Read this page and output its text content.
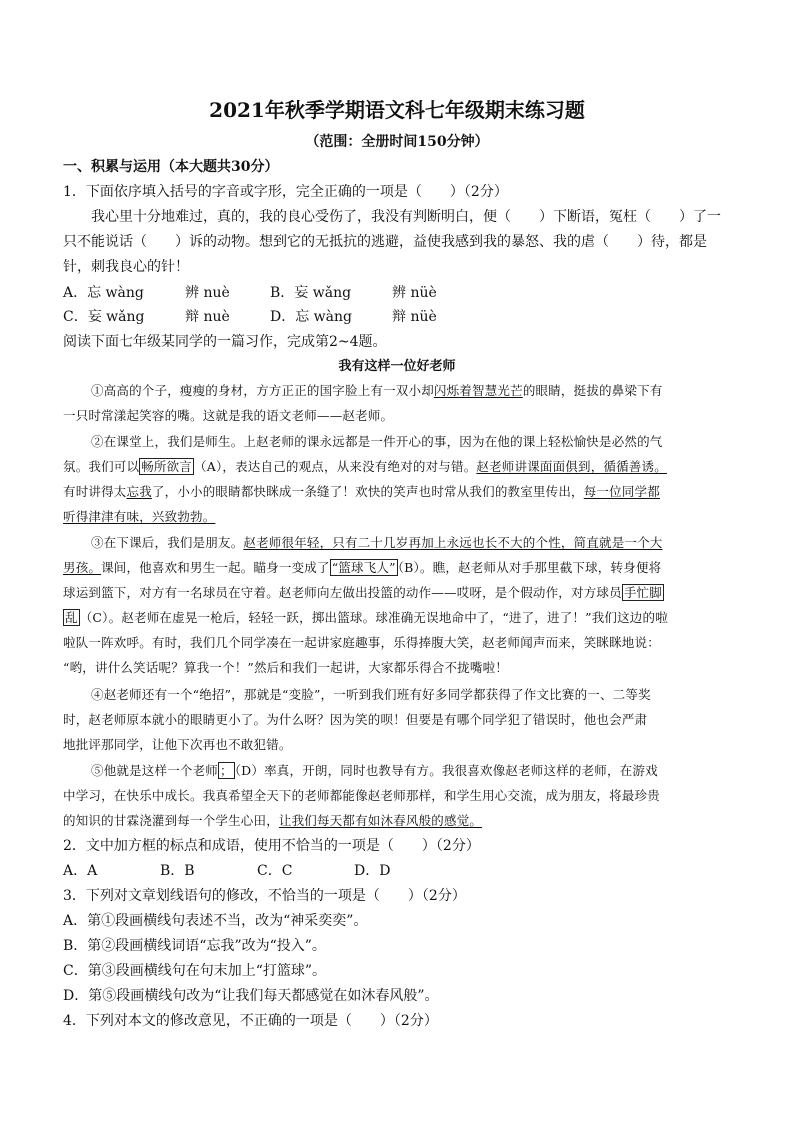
2021年秋季学期语文科七年级期末练习题
（范围：全册时间150分钟）
一、积累与运用（本大题共30分）
1．下面依序填入括号的字音或字形，完全正确的一项是（　　）（2分）
我心里十分地难过，真的，我的良心受伤了，我没有判断明白，便（　　）下断语，冤枉（　　）了一
只不能说话（　　）诉的动物。想到它的无抵抗的逃避，益使我感到我的暴怒、我的虐（　　）待，都是
针，刺我良心的针！
A．忘 wàng	辨 nuè	B．妄 wǎng	辨 nüè
C．妄 wǎng	辩 nuè	D．忘 wàng	辩 nüè
阅读下面七年级某同学的一篇习作，完成第2~4题。
我有这样一位好老师
①高高的个子，瘦瘦的身材，方方正正的国字脸上有一双小却闪烁着智慧光芒的眼睛，挺拔的鼻梁下有
一只时常漾起笑容的嘴。这就是我的语文老师——赵老师。
②在课堂上，我们是师生。上赵老师的课永远都是一件开心的事，因为在他的课上轻松愉快是必然的气
氛。我们可以 畅所欲言 （A），表达自己的观点，从来没有绝对的对与错。赵老师讲课面面俱到，循循善诱。
有时讲得太忘我了，小小的眼睛都快眯成一条缝了！欢快的笑声也时常从我们的教室里传出，每一位同学都
听得津津有味，兴致勃勃。
③在下课后，我们是朋友。赵老师很年轻，只有二十几岁再加上永远也长不大的个性，简直就是一个大
男孩。课间，他喜欢和男生一起。瞄身一变成了 “篮球飞人” （B）。瞧，赵老师从对手那里截下球，转身便将
球运到篮下，对方有一名球员在守着。赵老师向左做出投篮的动作——哎呀，是个假动作，对方球员 手忙脚
乱 （C）。赵老师在虚晃一枪后，轻轻一跃，掷出篮球。球准确无误地命中了，“进了，进了！”我们这边的啦
啦队一阵欢呼。有时，我们几个同学凑在一起讲家庭趣事，乐得捧腹大笑，赵老师闻声而来，笑眯眯地说：
“哟，讲什么笑话呢？算我一个！”然后和我们一起讲，大家都乐得合不拢嘴啦！
④赵老师还有一个“绝招”，那就是“变脸”，一听到我们班有好多同学都获得了作文比赛的一、二等奖
时，赵老师原本就小的眼睛更小了。为什么呀？因为笑的呗！但要是有哪个同学犯了错误时，他也会严肃
地批评那同学，让他下次再也不敢犯错。
⑤他就是这样一个老师 ； （D）率真，开朗，同时也教导有方。我很喜欢像赵老师这样的老师，在游戏
中学习，在快乐中成长。我真希望全天下的老师都能像赵老师那样，和学生用心交流，成为朋友，将最珍贵
的知识的甘霖浇灌到每一个学生心田，让我们每天都有如沐春风般的感觉。
2．文中加方框的标点和成语，使用不恰当的一项是（　　）（2分）
A．A	B．B	C．C	D．D
3．下列对文章划线语句的修改，不恰当的一项是（　　）（2分）
A．第①段画横线句表述不当，改为“神采奕奕”。
B．第②段画横线词语“忘我”改为“投入”。
C．第③段画横线句在句末加上“打篮球”。
D．第⑤段画横线句改为“让我们每天都感觉在如沐春风般”。
4．下列对本文的修改意见，不正确的一项是（　　）（2分）
